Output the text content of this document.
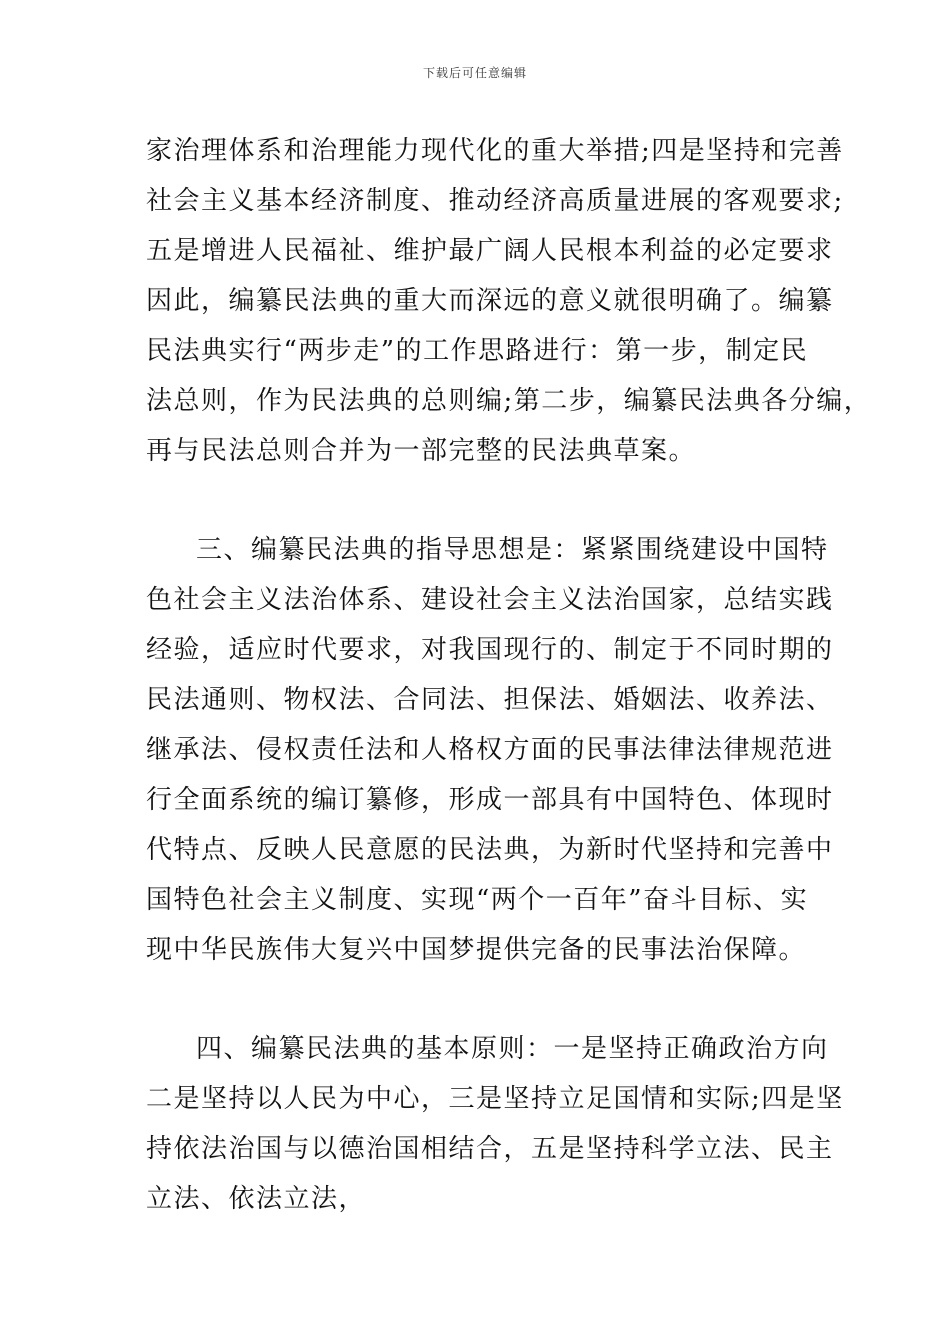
下载后可任意编辑
家治理体系和治理能力现代化的重大举措;四是坚持和完善
社会主义基本经济制度、推动经济高质量进展的客观要求;
五是增进人民福祉、维护最广阔人民根本利益的必定要求
因此，编纂民法典的重大而深远的意义就很明确了。编纂
民法典实行“两步走”的工作思路进行：第一步，制定民
法总则，作为民法典的总则编;第二步，编纂民法典各分编，
再与民法总则合并为一部完整的民法典草案。
三、编纂民法典的指导思想是：紧紧围绕建设中国特
色社会主义法治体系、建设社会主义法治国家，总结实践
经验，适应时代要求，对我国现行的、制定于不同时期的
民法通则、物权法、合同法、担保法、婚姻法、收养法、
继承法、侵权责任法和人格权方面的民事法律法律规范进
行全面系统的编订纂修，形成一部具有中国特色、体现时
代特点、反映人民意愿的民法典，为新时代坚持和完善中
国特色社会主义制度、实现“两个一百年”奋斗目标、实
现中华民族伟大复兴中国梦提供完备的民事法治保障。
四、编纂民法典的基本原则：一是坚持正确政治方向
二是坚持以人民为中心，三是坚持立足国情和实际;四是坚
持依法治国与以德治国相结合，五是坚持科学立法、民主
立法、依法立法，
